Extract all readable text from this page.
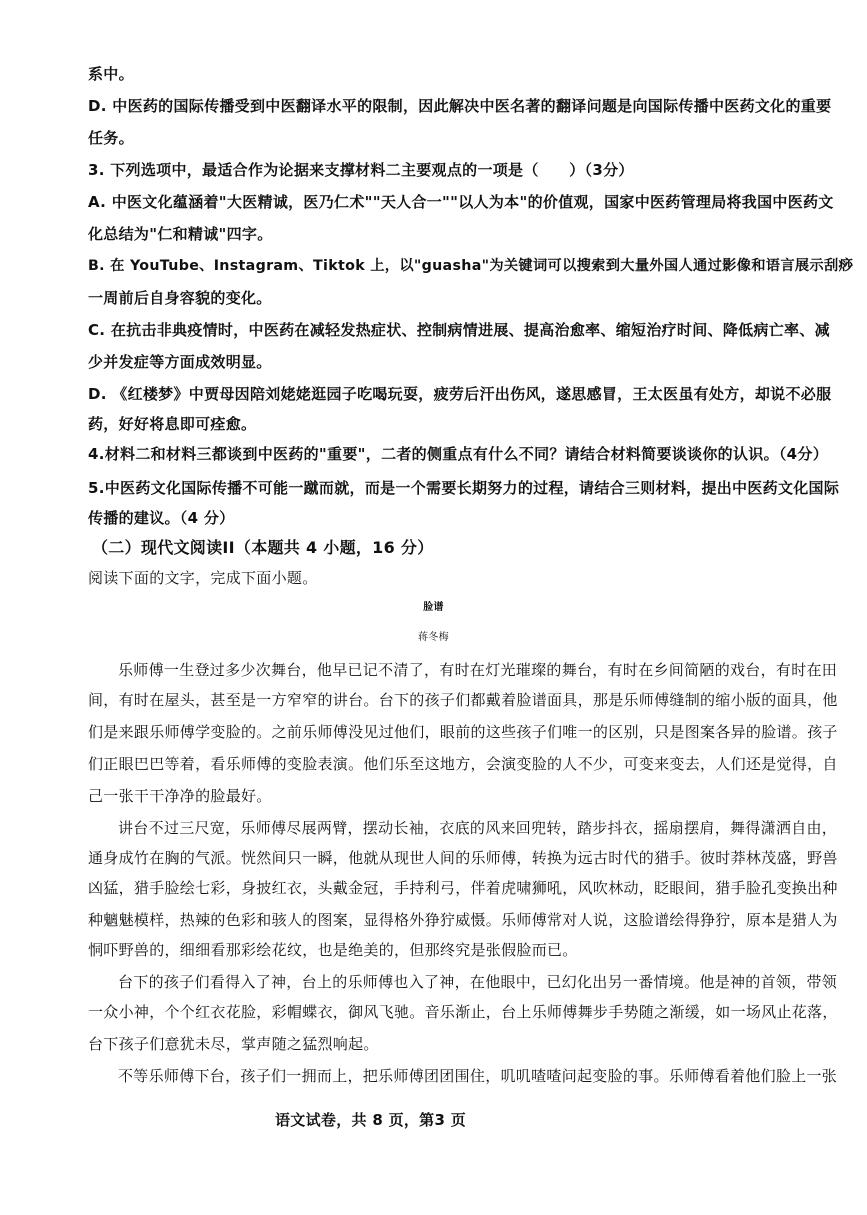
系中。
D. 中医药的国际传播受到中医翻译水平的限制，因此解决中医名著的翻译问题是向国际传播中医药文化的重要
任务。
3. 下列选项中，最适合作为论据来支撑材料二主要观点的一项是（　　）（3分）
A. 中医文化蕴涵着"大医精诚，医乃仁术""天人合一""以人为本"的价值观，国家中医药管理局将我国中医药文
化总结为"仁和精诚"四字。
B. 在 YouTube、Instagram、Tiktok 上，以"guasha"为关键词可以搜索到大量外国人通过影像和语言展示刮痧
一周前后自身容貌的变化。
C. 在抗击非典疫情时，中医药在减轻发热症状、控制病情进展、提高治愈率、缩短治疗时间、降低病亡率、减
少并发症等方面成效明显。
D. 《红楼梦》中贾母因陪刘姥姥逛园子吃喝玩耍，疲劳后汗出伤风，遂思感冒，王太医虽有处方，却说不必服
药，好好将息即可痊愈。
4.材料二和材料三都谈到中医药的"重要"，二者的侧重点有什么不同？请结合材料简要谈谈你的认识。（4分）
5.中医药文化国际传播不可能一蹴而就，而是一个需要长期努力的过程，请结合三则材料，提出中医药文化国际
传播的建议。（4 分）
（二）现代文阅读II（本题共 4 小题，16 分）
阅读下面的文字，完成下面小题。
脸谱
蒋冬梅
乐师傅一生登过多少次舞台，他早已记不清了，有时在灯光璀璨的舞台，有时在乡间简陋的戏台，有时在田
间，有时在屋头，甚至是一方窄窄的讲台。台下的孩子们都戴着脸谱面具，那是乐师傅缝制的缩小版的面具，他
们是来跟乐师傅学变脸的。之前乐师傅没见过他们，眼前的这些孩子们唯一的区别，只是图案各异的脸谱。孩子
们正眼巴巴等着，看乐师傅的变脸表演。他们乐至这地方，会演变脸的人不少，可变来变去，人们还是觉得，自
己一张干干净净的脸最好。
讲台不过三尺宽，乐师傅尽展两臂，摆动长袖，衣底的风来回兜转，踏步抖衣，摇扇摆肩，舞得潇洒自由，
通身成竹在胸的气派。恍然间只一瞬，他就从现世人间的乐师傅，转换为远古时代的猎手。彼时莽林茂盛，野兽
凶猛，猎手脸绘七彩，身披红衣，头戴金冠，手持利弓，伴着虎啸狮吼，风吹林动，眨眼间，猎手脸孔变换出种
种魑魅模样，热辣的色彩和骇人的图案，显得格外狰狞威慑。乐师傅常对人说，这脸谱绘得狰狞，原本是猎人为
恫吓野兽的，细细看那彩绘花纹，也是绝美的，但那终究是张假脸而已。
台下的孩子们看得入了神，台上的乐师傅也入了神，在他眼中，已幻化出另一番情境。他是神的首领，带领
一众小神，个个红衣花脸，彩帽蝶衣，御风飞驰。音乐渐止，台上乐师傅舞步手势随之渐缓，如一场风止花落，
台下孩子们意犹未尽，掌声随之猛烈响起。
不等乐师傅下台，孩子们一拥而上，把乐师傅团团围住，叽叽喳喳问起变脸的事。乐师傅看着他们脸上一张
语文试卷，共 8 页，第3 页
